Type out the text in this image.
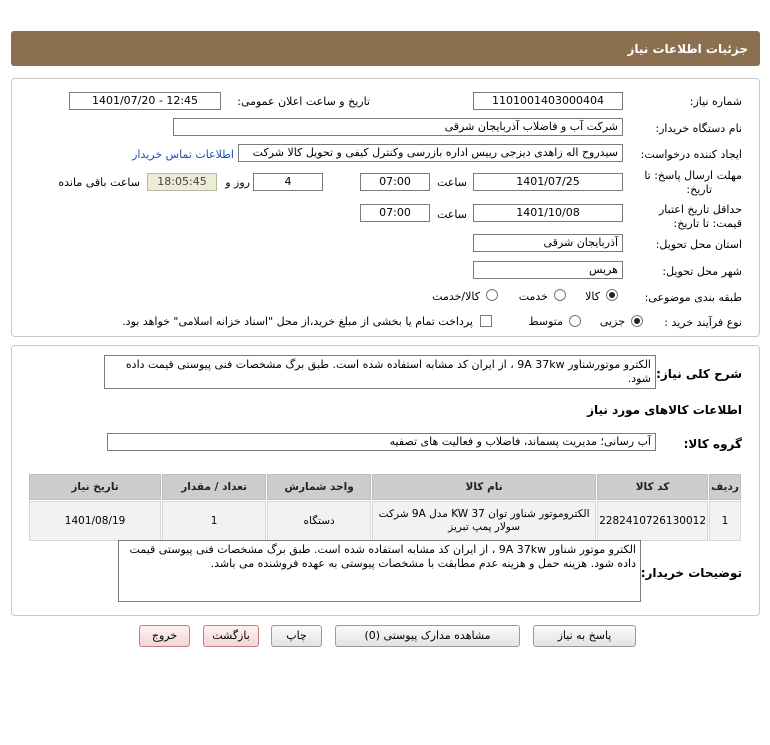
جزئیات اطلاعات نیاز
شماره نیاز:
1101001403000404
تاریخ و ساعت اعلان عمومی:
1401/07/20 - 12:45
نام دستگاه خریدار:
شرکت آب و فاضلاب آذربایجان شرقی
ایجاد کننده درخواست:
سیدروح اله زاهدی دیزجی رییس اداره بازرسی وکنترل کیفی و تحویل کالا شرکت
اطلاعات تماس خریدار
مهلت ارسال پاسخ: تا
تاریخ:
1401/07/25
ساعت
07:00
4
روز و
18:05:45
ساعت باقی مانده
حداقل تاریخ اعتبار
قیمت: تا تاریخ:
1401/10/08
ساعت
07:00
استان محل تحویل:
آذربایجان شرقی
شهر محل تحویل:
هریس
طبقه بندی موضوعی:
کالا
خدمت
کالا/خدمت
نوع فرآیند خرید :
جزیی
متوسط
پرداخت تمام یا بخشی از مبلغ خرید،از محل "اسناد خزانه اسلامی" خواهد بود.
شرح کلی نیاز:
الکترو موتورشناور 9A 37kw ، از ایران کد مشابه استفاده شده است. طبق برگ مشخصات فنی پیوستی قیمت داده شود.
اطلاعات کالاهای مورد نیاز
گروه کالا:
آب رسانی؛ مدیریت پسماند، فاضلاب و فعالیت های تصفیه
ردیف	کد کالا	نام کالا	واحد شمارش	تعداد / مقدار	تاریخ نیاز
1	2282410726130012	الکتروموتور شناور توان KW 37 مدل 9A شرکت سولار پمپ تبریز	دستگاه	1	1401/08/19
توضیحات خریدار:
الکترو موتور شناور 9A 37kw ، از ایران کد مشابه استفاده شده است. طبق برگ مشخصات فنی پیوستی قیمت داده شود. هزینه حمل و هزینه عدم مطابقت با مشخصات پیوستی به عهده فروشنده می باشد.
پاسخ به نیاز
مشاهده مدارک پیوستی (0)
چاپ
بازگشت
خروج
